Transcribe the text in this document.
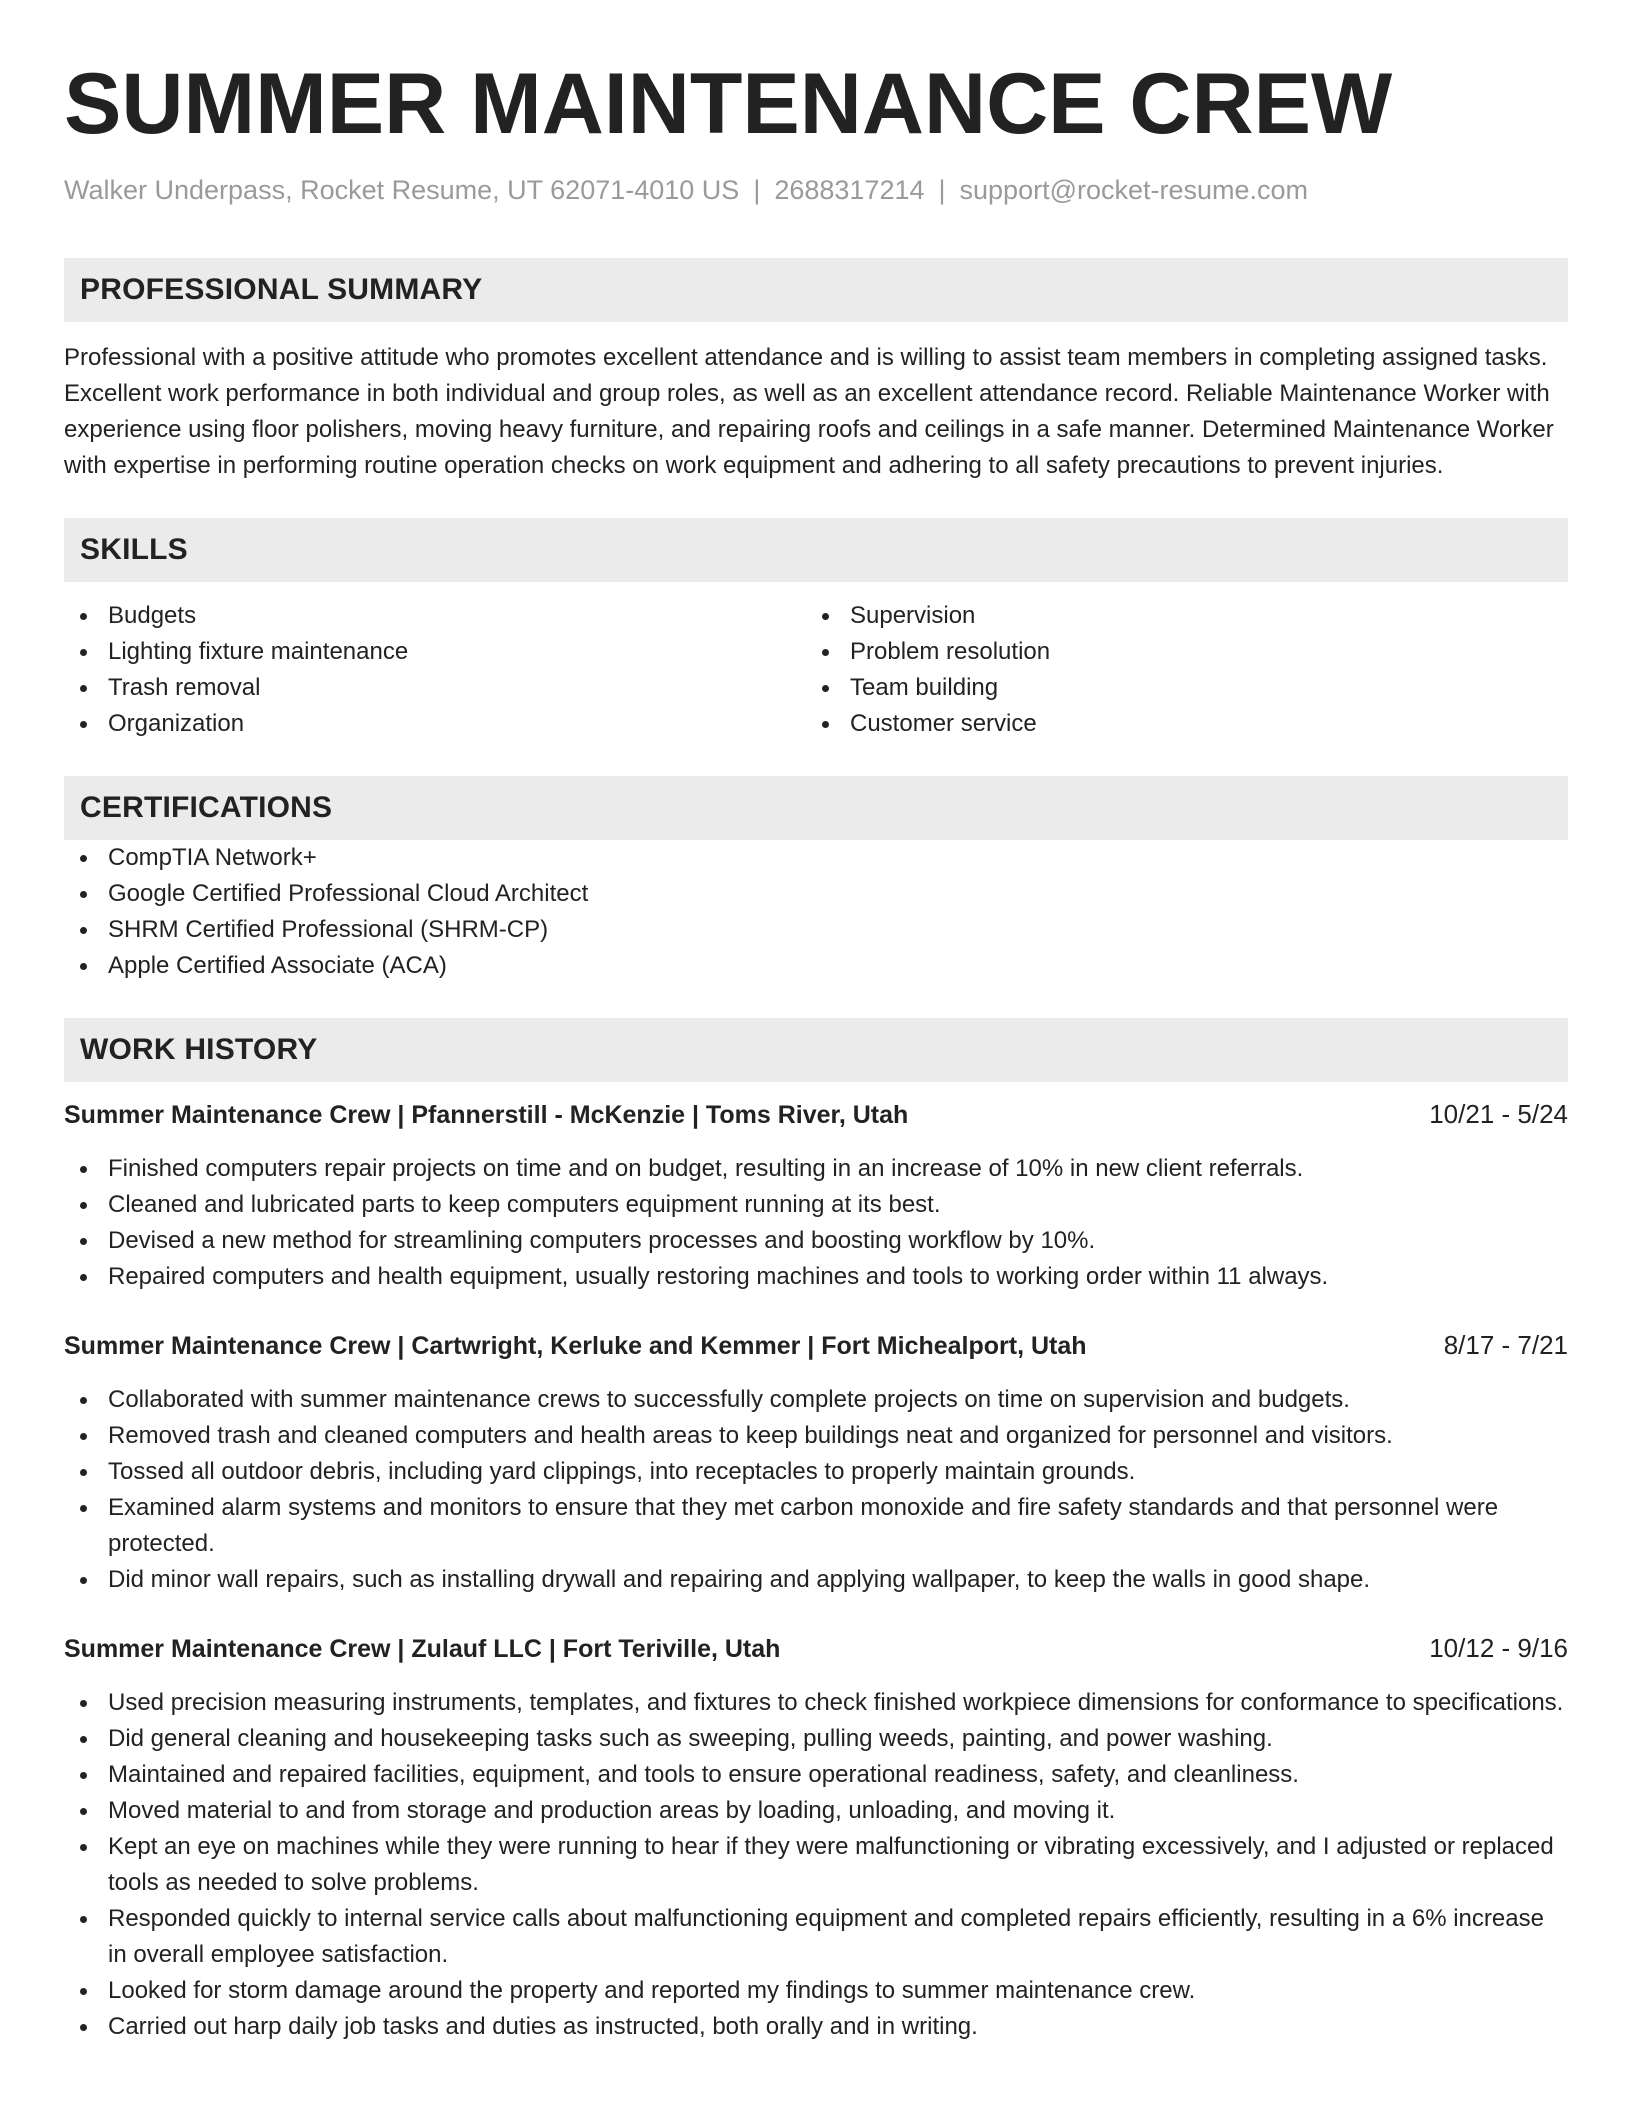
SUMMER MAINTENANCE CREW
Walker Underpass, Rocket Resume, UT 62071-4010 US | 2688317214 | support@rocket-resume.com
PROFESSIONAL SUMMARY
Professional with a positive attitude who promotes excellent attendance and is willing to assist team members in completing assigned tasks. Excellent work performance in both individual and group roles, as well as an excellent attendance record. Reliable Maintenance Worker with experience using floor polishers, moving heavy furniture, and repairing roofs and ceilings in a safe manner. Determined Maintenance Worker with expertise in performing routine operation checks on work equipment and adhering to all safety precautions to prevent injuries.
SKILLS
Budgets
Lighting fixture maintenance
Trash removal
Organization
Supervision
Problem resolution
Team building
Customer service
CERTIFICATIONS
CompTIA Network+
Google Certified Professional Cloud Architect
SHRM Certified Professional (SHRM-CP)
Apple Certified Associate (ACA)
WORK HISTORY
Summer Maintenance Crew | Pfannerstill - McKenzie | Toms River, Utah	10/21 - 5/24
Finished computers repair projects on time and on budget, resulting in an increase of 10% in new client referrals.
Cleaned and lubricated parts to keep computers equipment running at its best.
Devised a new method for streamlining computers processes and boosting workflow by 10%.
Repaired computers and health equipment, usually restoring machines and tools to working order within 11 always.
Summer Maintenance Crew | Cartwright, Kerluke and Kemmer | Fort Michealport, Utah	8/17 - 7/21
Collaborated with summer maintenance crews to successfully complete projects on time on supervision and budgets.
Removed trash and cleaned computers and health areas to keep buildings neat and organized for personnel and visitors.
Tossed all outdoor debris, including yard clippings, into receptacles to properly maintain grounds.
Examined alarm systems and monitors to ensure that they met carbon monoxide and fire safety standards and that personnel were protected.
Did minor wall repairs, such as installing drywall and repairing and applying wallpaper, to keep the walls in good shape.
Summer Maintenance Crew | Zulauf LLC | Fort Teriville, Utah	10/12 - 9/16
Used precision measuring instruments, templates, and fixtures to check finished workpiece dimensions for conformance to specifications.
Did general cleaning and housekeeping tasks such as sweeping, pulling weeds, painting, and power washing.
Maintained and repaired facilities, equipment, and tools to ensure operational readiness, safety, and cleanliness.
Moved material to and from storage and production areas by loading, unloading, and moving it.
Kept an eye on machines while they were running to hear if they were malfunctioning or vibrating excessively, and I adjusted or replaced tools as needed to solve problems.
Responded quickly to internal service calls about malfunctioning equipment and completed repairs efficiently, resulting in a 6% increase in overall employee satisfaction.
Looked for storm damage around the property and reported my findings to summer maintenance crew.
Carried out harp daily job tasks and duties as instructed, both orally and in writing.
